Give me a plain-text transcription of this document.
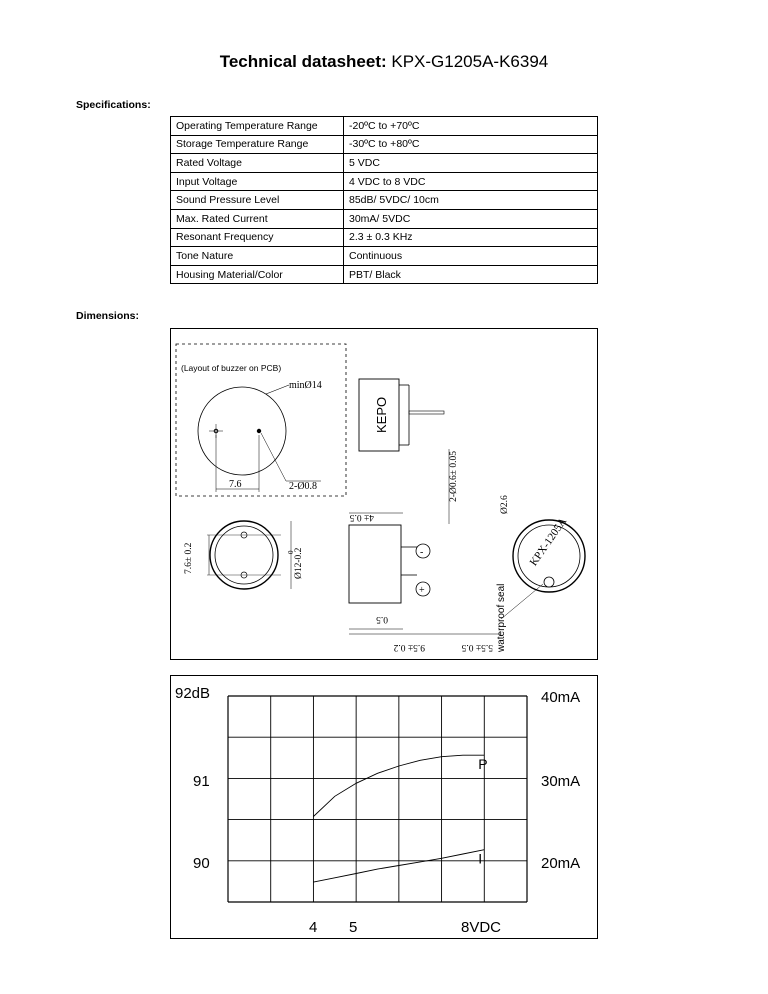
Technical datasheet: KPX-G1205A-K6394
Specifications:
Operating Temperature Range	-20ºC to +70ºC
Storage Temperature Range	-30ºC to +80ºC
Rated Voltage	5 VDC
Input Voltage	4 VDC to 8 VDC
Sound Pressure Level	85dB/ 5VDC/ 10cm
Max. Rated Current	30mA/ 5VDC
Resonant Frequency	2.3 ± 0.3 KHz
Tone Nature	Continuous
Housing Material/Color	PBT/ Black
Dimensions:
(Layout of buzzer on PCB)
minØ14
7.6	2-Ø0.8
KEPO
2-Ø0.6± 0.05
4± 0.5
0.5
9.5± 0.2	5.5± 0.5
-
+
7.6± 0.2	Ø12-0.2
0
Ø2.6
KPX-1205A
waterproof seal
P
I
92dB
91
90
40mA
30mA
20mA
4 5	8VDC
